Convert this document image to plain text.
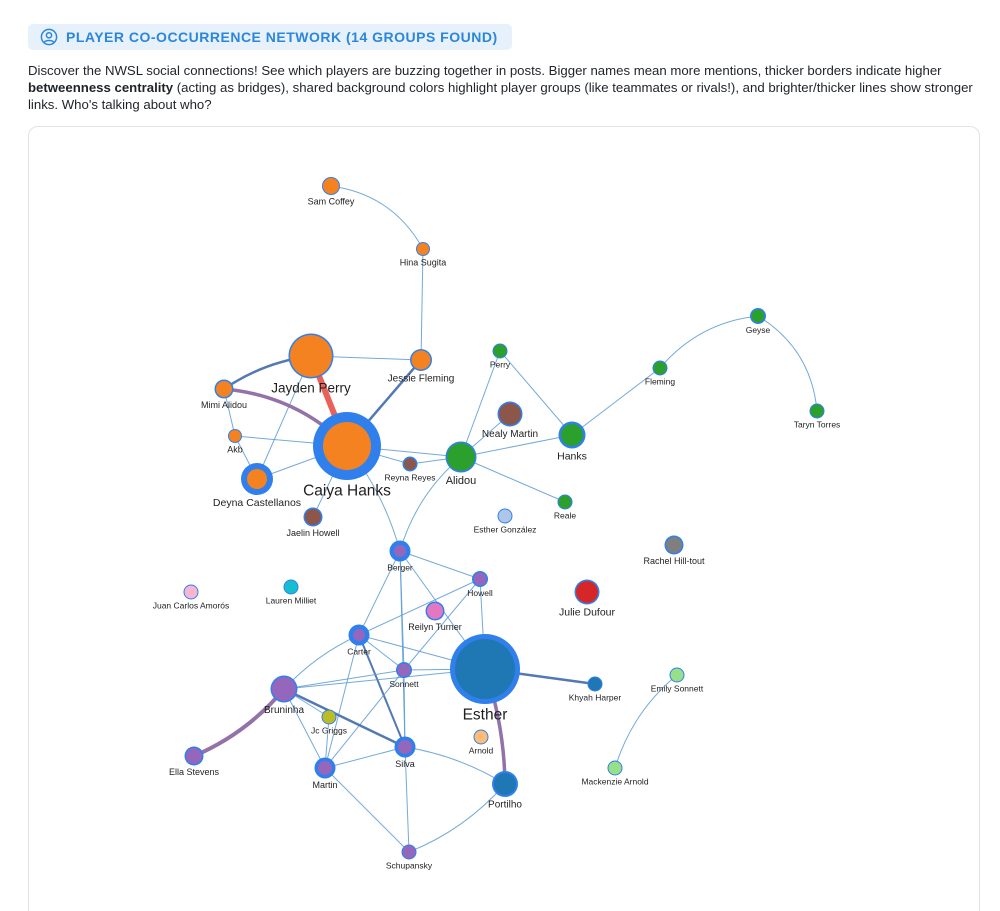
PLAYER CO-OCCURRENCE NETWORK (14 GROUPS FOUND)

Discover the NWSL social connections! See which players are buzzing together in posts. Bigger names mean more mentions, thicker borders indicate higher betweenness centrality (acting as bridges), shared background colors highlight player groups (like teammates or rivals!), and brighter/thicker lines show stronger links. Who's talking about who?

Sam Coffey
Hina Sugita
Jayden Perry
Jessie Fleming
Mimi Alidou
Akb
Caiya Hanks
Deyna Castellanos
Reyna Reyes
Jaelin Howell
Perry
Nealy Martin
Alidou
Hanks
Fleming
Geyse
Taryn Torres
Reale
Esther González
Rachel Hill-tout
Juan Carlos Amorós	Lauren Milliet
Berger
Howell
Reilyn Turner
Julie Dufour
Carter
Sonnett
Esther
Khyah Harper
Emily Sonnett
Bruninha
Jc Griggs
Arnold
Ella Stevens
Martin
Silva
Portilho
Mackenzie Arnold
Schupansky
